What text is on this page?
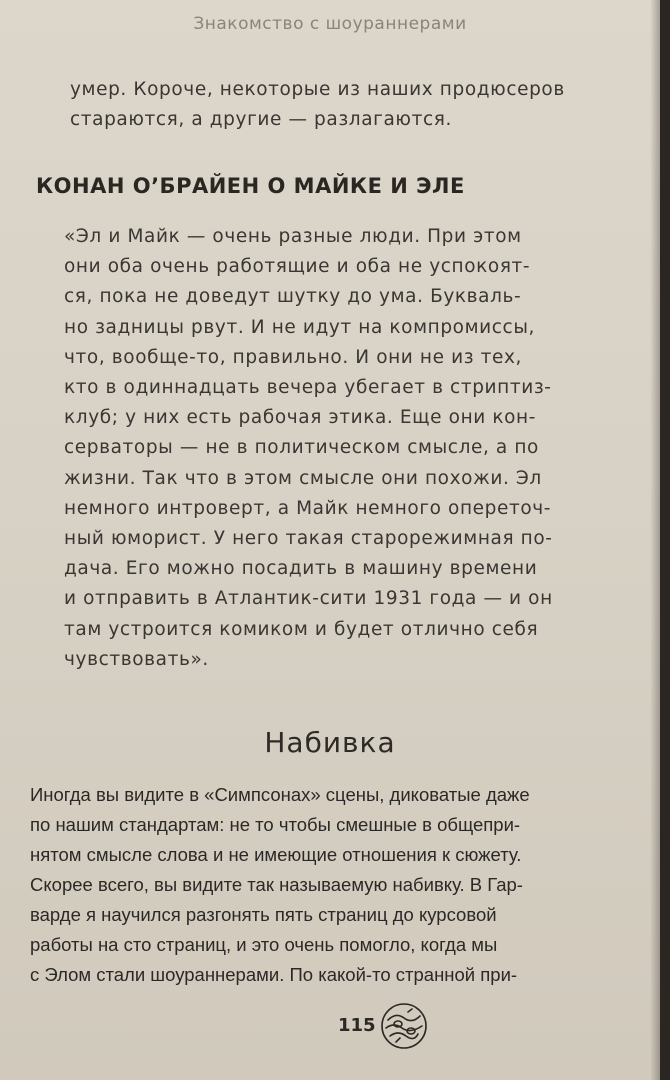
Знакомство с шоураннерами
умер. Короче, некоторые из наших продюсеров
стараются, а другие — разлагаются.
КОНАН О’БРАЙЕН О МАЙКЕ И ЭЛЕ
«Эл и Майк — очень разные люди. При этом
они оба очень работящие и оба не успокоят-
ся, пока не доведут шутку до ума. Букваль-
но задницы рвут. И не идут на компромиссы,
что, вообще-то, правильно. И они не из тех,
кто в одиннадцать вечера убегает в стриптиз-
клуб; у них есть рабочая этика. Еще они кон-
серваторы — не в политическом смысле, а по
жизни. Так что в этом смысле они похожи. Эл
немного интроверт, а Майк немного опереточ-
ный юморист. У него такая старорежимная по-
дача. Его можно посадить в машину времени
и отправить в Атлантик-сити 1931 года — и он
там устроится комиком и будет отлично себя
чувствовать».
Набивка
Иногда вы видите в «Симпсонах» сцены, диковатые даже
по нашим стандартам: не то чтобы смешные в общепри-
нятом смысле слова и не имеющие отношения к сюжету.
Скорее всего, вы видите так называемую набивку. В Гар-
варде я научился разгонять пять страниц до курсовой
работы на сто страниц, и это очень помогло, когда мы
с Элом стали шоураннерами. По какой-то странной при-
115
